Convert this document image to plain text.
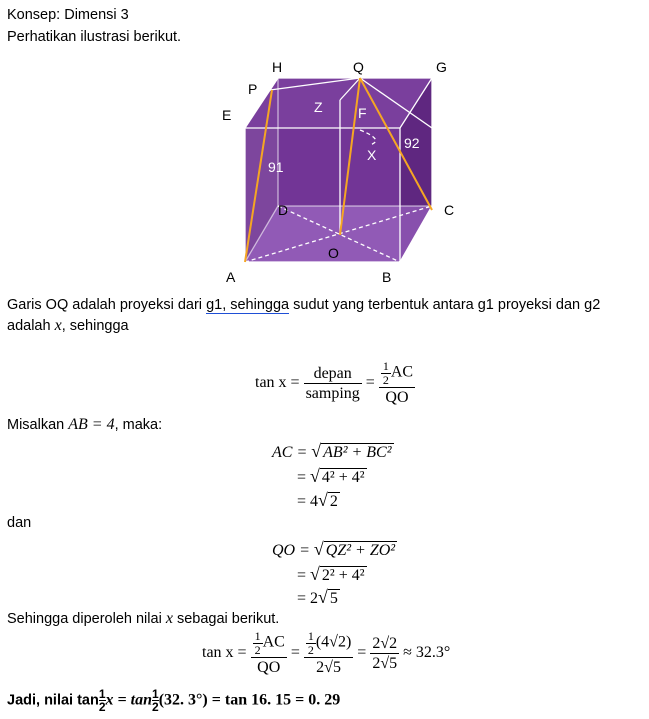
Konsep: Dimensi 3
Perhatikan ilustrasi berikut.
H	Q	G
P
E
D	C
O
A	B
Z	F
X
91
92
Garis OQ adalah proyeksi dari g1, sehingga sudut yang terbentuk antara g1 proyeksi dan g2
adalah x, sehingga
$\tan x = \frac{\text{depan}}{\text{samping}} = \frac{\frac{1}{2} AC}{QO}$
Misalkan AB = 4, maka:
AC = √ AB² + BC²
= √ 4² + 4²
= 4√ 2
dan
QO = √ QZ² + ZO²
= √ 2² + 4²
= 2√ 5
Sehingga diperoleh nilai x sebagai berikut.
$\tan x = \frac{\frac{1}{2} AC}{QO} = \frac{\frac{1}{2} (4√2)}{2√5} = \frac{2√2}{2√5} \approx 32.3^\circ$
Jadi, nilai $\tan \frac{1}{2}$ $x = \tan \frac{1}{2} (32$. 3°) = tan 16. 15 = 0. 29
